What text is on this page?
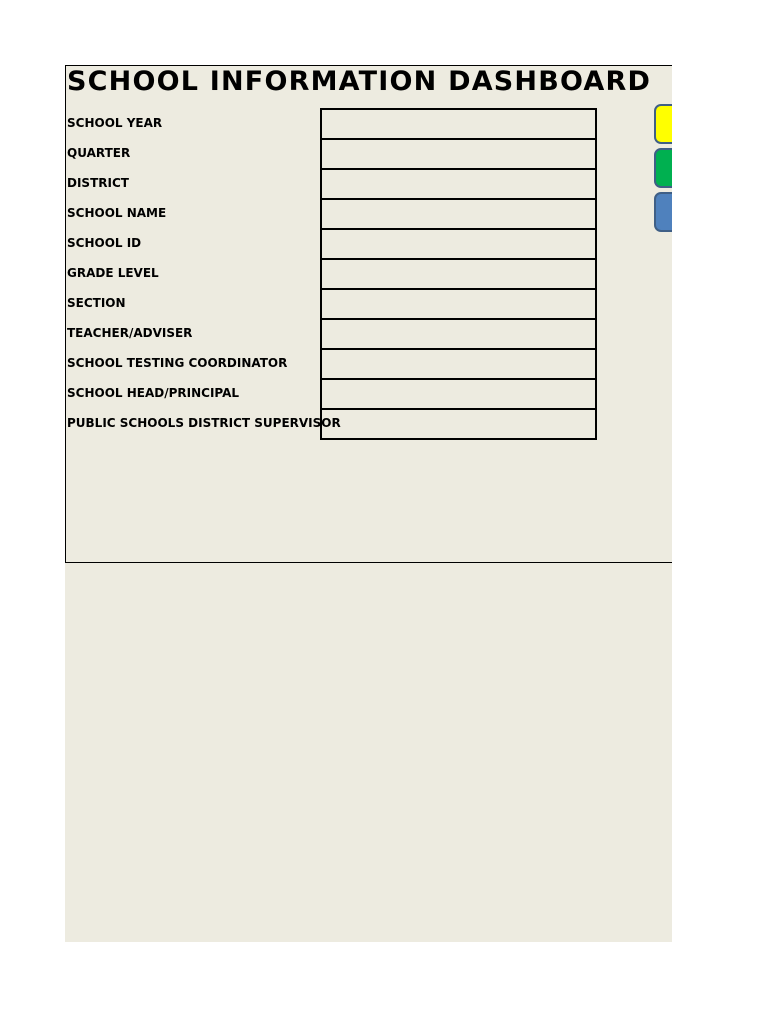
SCHOOL INFORMATION DASHBOARD
SCHOOL YEAR
QUARTER
DISTRICT
SCHOOL NAME
SCHOOL ID
GRADE LEVEL
SECTION
TEACHER/ADVISER
SCHOOL TESTING COORDINATOR
SCHOOL HEAD/PRINCIPAL
PUBLIC SCHOOLS DISTRICT SUPERVISOR
